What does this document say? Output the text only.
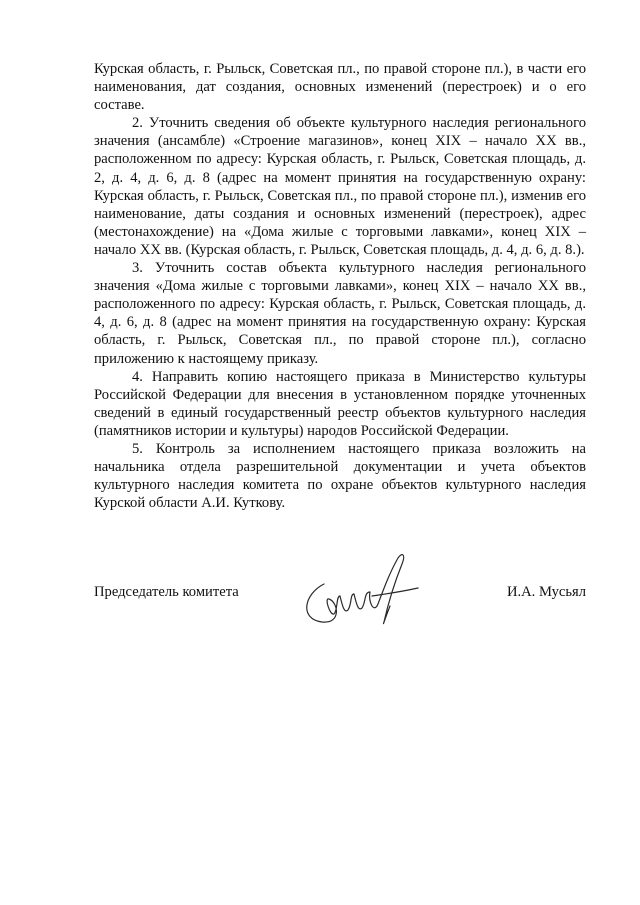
Курская область, г. Рыльск, Советская пл., по правой стороне пл.), в части его наименования, дат создания, основных изменений (перестроек) и о его составе.

2. Уточнить сведения об объекте культурного наследия регионального значения (ансамбле) «Строение магазинов», конец XIX – начало XX вв., расположенном по адресу: Курская область, г. Рыльск, Советская площадь, д. 2, д. 4, д. 6, д. 8 (адрес на момент принятия на государственную охрану: Курская область, г. Рыльск, Советская пл., по правой стороне пл.), изменив его наименование, даты создания и основных изменений (перестроек), адрес (местонахождение) на «Дома жилые с торговыми лавками», конец XIX – начало XX вв. (Курская область, г. Рыльск, Советская площадь, д. 4, д. 6, д. 8.).

3. Уточнить состав объекта культурного наследия регионального значения «Дома жилые с торговыми лавками», конец XIX – начало XX вв., расположенного по адресу: Курская область, г. Рыльск, Советская площадь, д. 4, д. 6, д. 8 (адрес на момент принятия на государственную охрану: Курская область, г. Рыльск, Советская пл., по правой стороне пл.), согласно приложению к настоящему приказу.

4. Направить копию настоящего приказа в Министерство культуры Российской Федерации для внесения в установленном порядке уточненных сведений в единый государственный реестр объектов культурного наследия (памятников истории и культуры) народов Российской Федерации.

5. Контроль за исполнением настоящего приказа возложить на начальника отдела разрешительной документации и учета объектов культурного наследия комитета по охране объектов культурного наследия Курской области А.И. Куткову.

Председатель комитета	И.А. Мусьял
